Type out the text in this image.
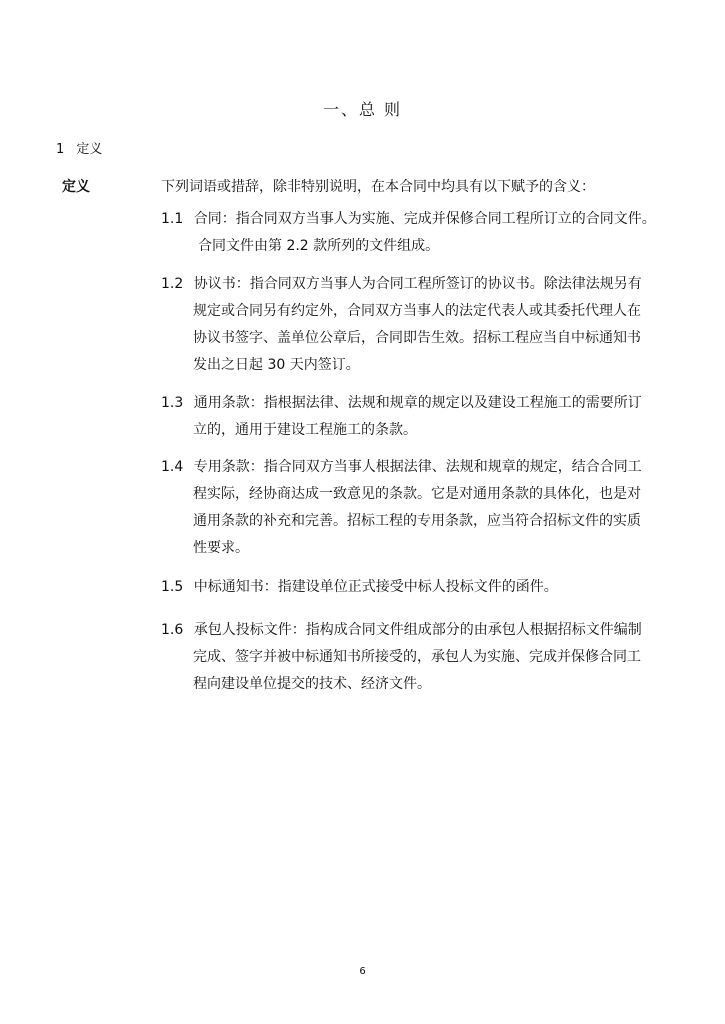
一、总 则
1 定义
定义	下列词语或措辞，除非特别说明，在本合同中均具有以下赋予的含义：
1.1 合同：指合同双方当事人为实施、完成并保修合同工程所订立的合同文件。
合同文件由第 2.2 款所列的文件组成。
1.2 协议书：指合同双方当事人为合同工程所签订的协议书。除法律法规另有
规定或合同另有约定外，合同双方当事人的法定代表人或其委托代理人在
协议书签字、盖单位公章后，合同即告生效。招标工程应当自中标通知书
发出之日起 30 天内签订。
1.3 通用条款：指根据法律、法规和规章的规定以及建设工程施工的需要所订
立的，通用于建设工程施工的条款。
1.4 专用条款：指合同双方当事人根据法律、法规和规章的规定，结合合同工
程实际，经协商达成一致意见的条款。它是对通用条款的具体化，也是对
通用条款的补充和完善。招标工程的专用条款，应当符合招标文件的实质
性要求。
1.5 中标通知书：指建设单位正式接受中标人投标文件的函件。
1.6 承包人投标文件：指构成合同文件组成部分的由承包人根据招标文件编制
完成、签字并被中标通知书所接受的，承包人为实施、完成并保修合同工
程向建设单位提交的技术、经济文件。
6
